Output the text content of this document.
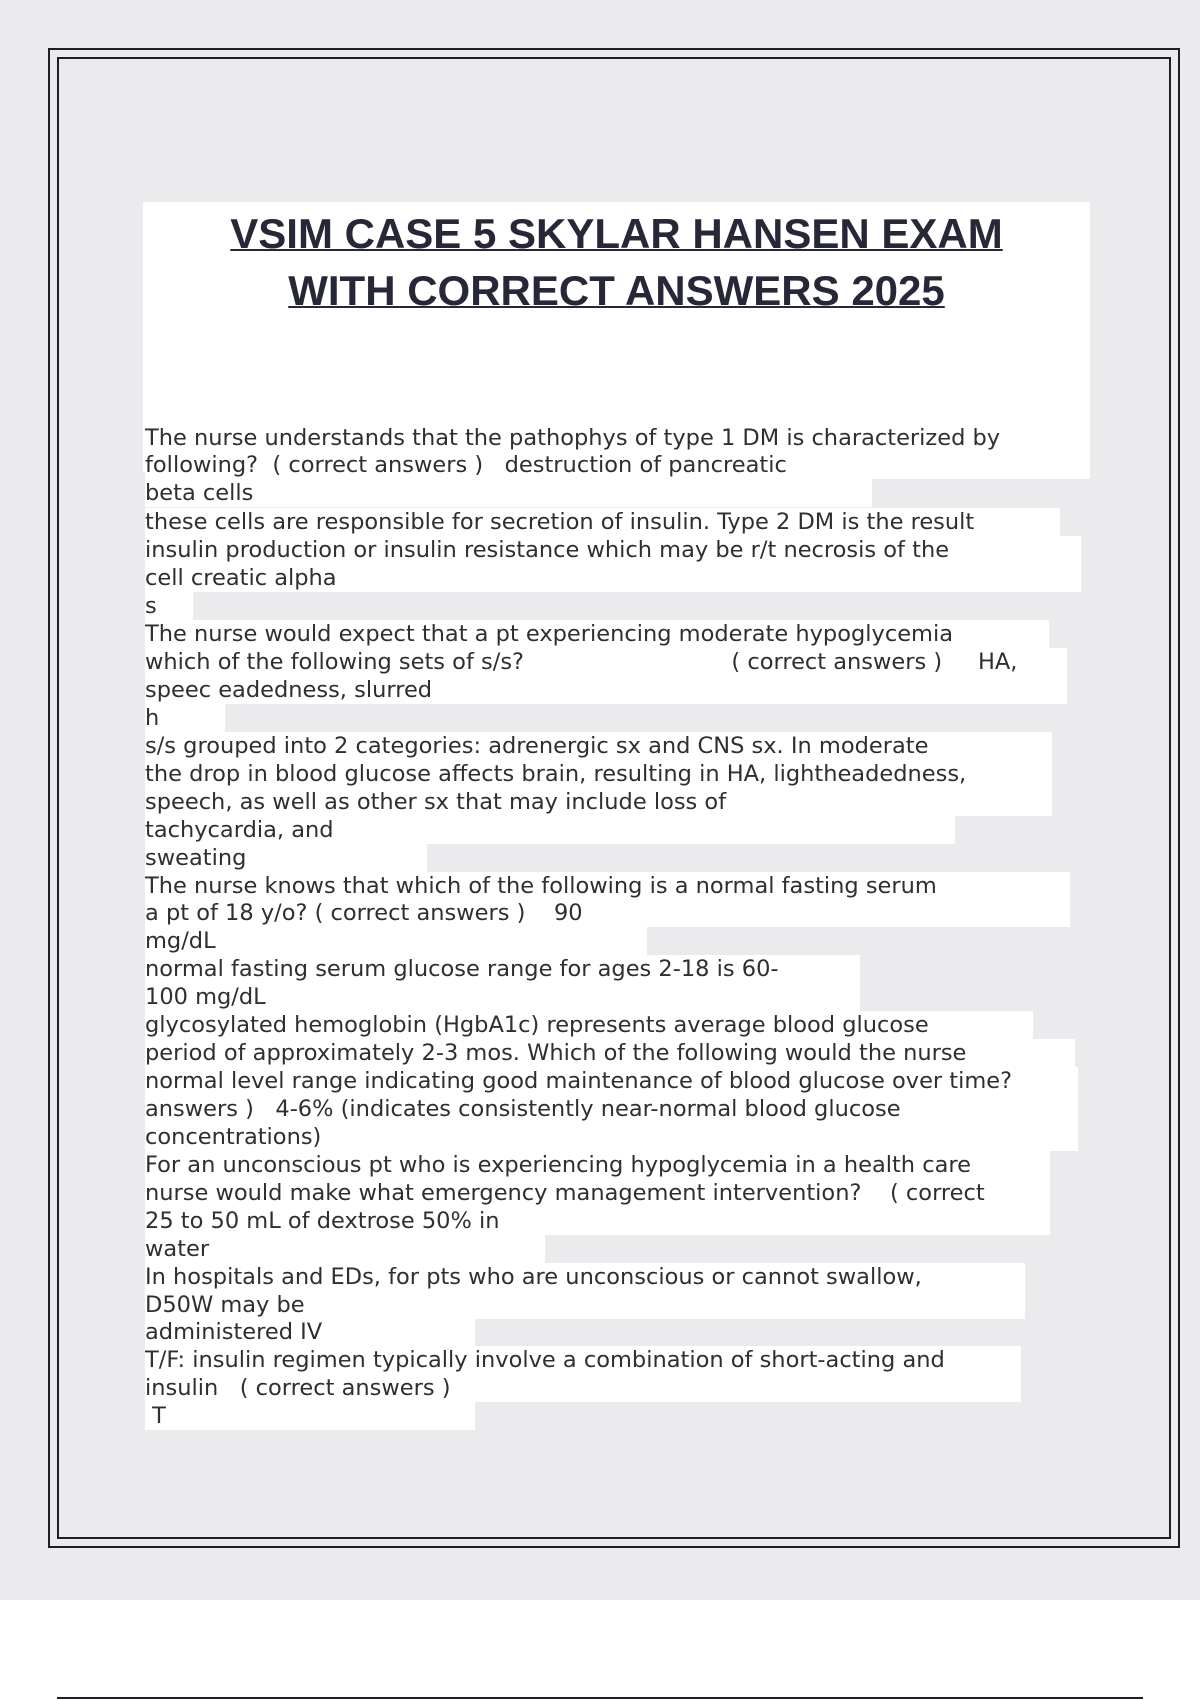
VSIM CASE 5 SKYLAR HANSEN EXAM
WITH CORRECT ANSWERS 2025
The nurse understands that the pathophys of type 1 DM is characterized by
following?  ( correct answers )   destruction of pancreatic
beta cells
these cells are responsible for secretion of insulin. Type 2 DM is the result
insulin production or insulin resistance which may be r/t necrosis of the
cell creatic alpha
s
The nurse would expect that a pt experiencing moderate hypoglycemia
which of the following sets of s/s?                             ( correct answers )     HA,
speec eadedness, slurred
h
s/s grouped into 2 categories: adrenergic sx and CNS sx. In moderate
the drop in blood glucose affects brain, resulting in HA, lightheadedness,
speech, as well as other sx that may include loss of
tachycardia, and
sweating
The nurse knows that which of the following is a normal fasting serum
a pt of 18 y/o? ( correct answers )    90
mg/dL
normal fasting serum glucose range for ages 2-18 is 60-
100 mg/dL
glycosylated hemoglobin (HgbA1c) represents average blood glucose
period of approximately 2-3 mos. Which of the following would the nurse
normal level range indicating good maintenance of blood glucose over time?
answers )   4-6% (indicates consistently near-normal blood glucose
concentrations)
For an unconscious pt who is experiencing hypoglycemia in a health care
nurse would make what emergency management intervention?    ( correct
25 to 50 mL of dextrose 50% in
water
In hospitals and EDs, for pts who are unconscious or cannot swallow,
D50W may be
administered IV
T/F: insulin regimen typically involve a combination of short-acting and
insulin   ( correct answers )
T
